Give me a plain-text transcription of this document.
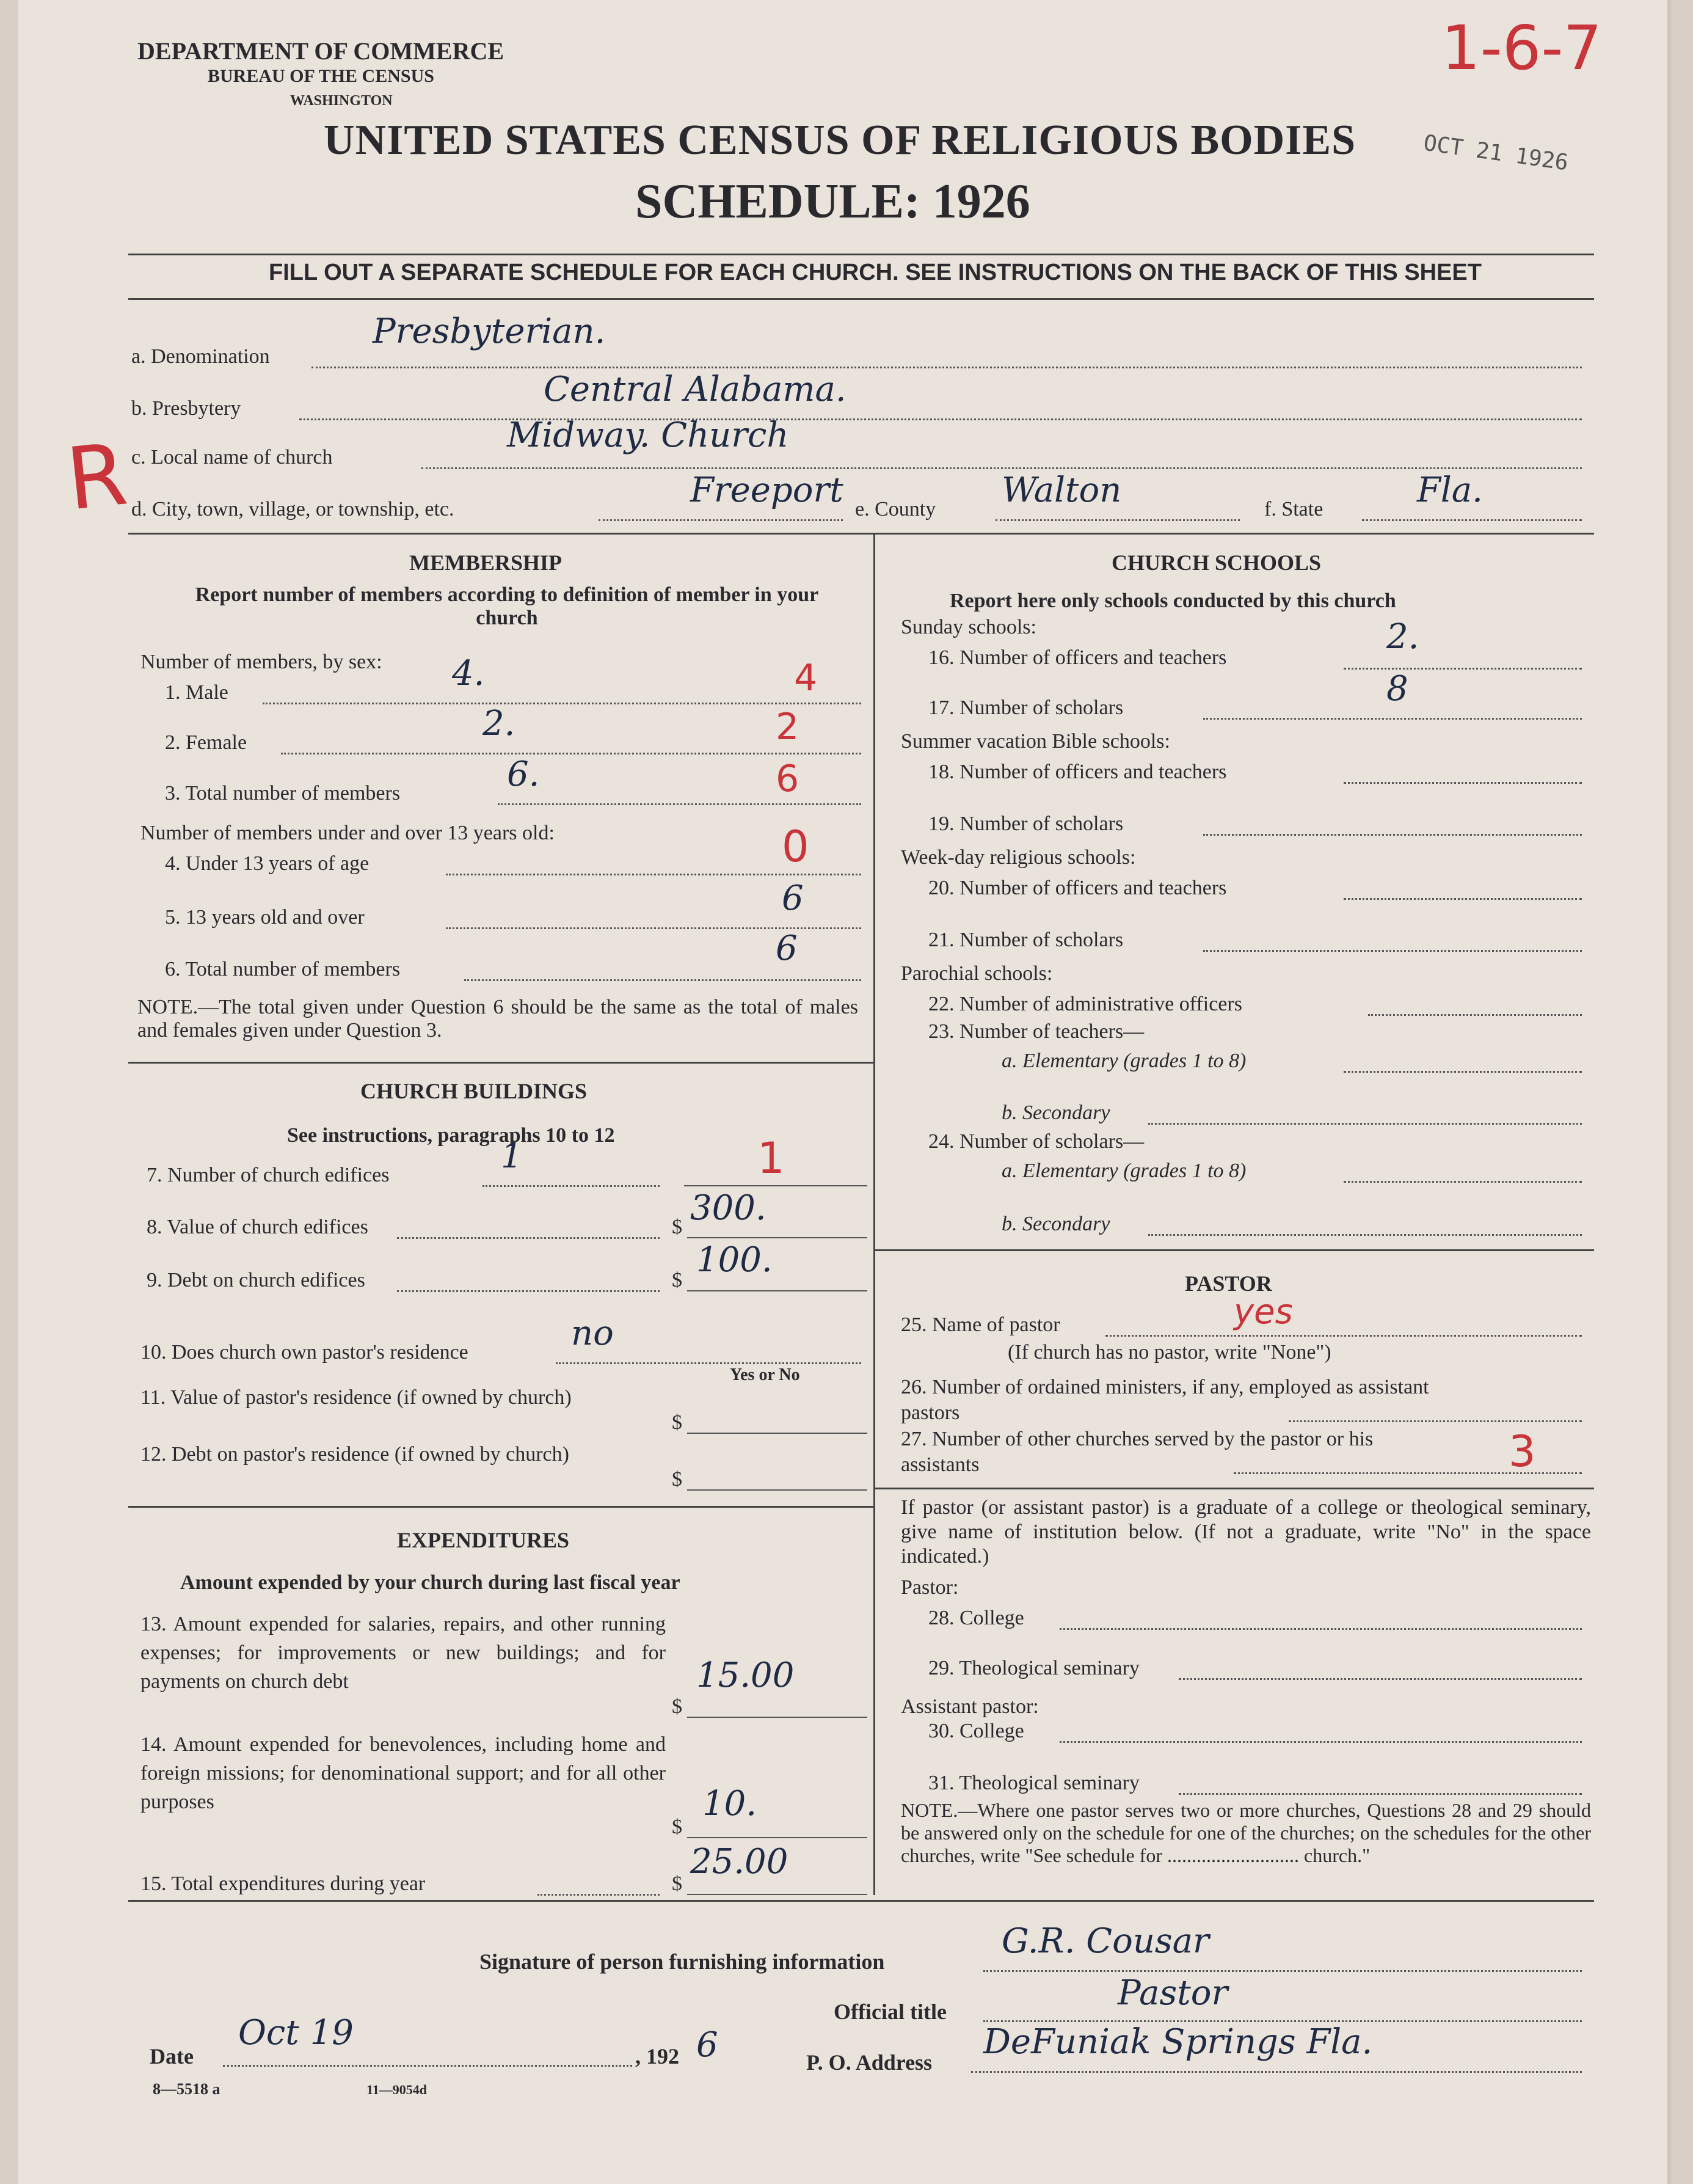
DEPARTMENT OF COMMERCE
BUREAU OF THE CENSUS
WASHINGTON
UNITED STATES CENSUS OF RELIGIOUS BODIES
SCHEDULE: 1926
OCT 21 1926
1-6-7
R
FILL OUT A SEPARATE SCHEDULE FOR EACH CHURCH. SEE INSTRUCTIONS ON THE BACK OF THIS SHEET
a. Denomination
Presbyterian.
b. Presbytery	Central Alabama.
c. Local name of church
Midway. Church
d. City, town, village, or township, etc.	Freeport e. County Walton	f. State	Fla.
MEMBERSHIP
Report number of members according to definition of member in your church
Number of members, by sex:
1. Male	4.	4
2. Female	2.	2
3. Total number of members	6.	6
Number of members under and over 13 years old:
4. Under 13 years of age	0
5. 13 years old and over	6
6. Total number of members
6
NOTE.—The total given under Question 6 should be the same as the total of males and females given under Question 3.
CHURCH BUILDINGS
See instructions, paragraphs 10 to 12
7. Number of church edifices	1	1
8. Value of church edifices	$ 300.
9. Debt on church edifices	$
100.
10. Does church own pastor's residence	no
Yes or No
11. Value of pastor's residence (if owned by church)
$
12. Debt on pastor's residence (if owned by church)
$
EXPENDITURES
Amount expended by your church during last fiscal year
13. Amount expended for salaries, repairs, and other running expenses; for improvements or new buildings; and for payments on church debt
$
15.00
14. Amount expended for benevolences, including home and foreign missions; for denominational support; and for all other purposes
$
10.
15. Total expenditures during year	$
25.00
CHURCH SCHOOLS
Report here only schools conducted by this church
Sunday schools:
16. Number of officers and teachers
2.
17. Number of scholars	8
Summer vacation Bible schools:
18. Number of officers and teachers
19. Number of scholars
Week-day religious schools:
20. Number of officers and teachers
21. Number of scholars
Parochial schools:
22. Number of administrative officers
23. Number of teachers—
a. Elementary (grades 1 to 8)
b. Secondary
24. Number of scholars—
a. Elementary (grades 1 to 8)
b. Secondary
PASTOR
25. Name of pastor	yes
(If church has no pastor, write "None")
26. Number of ordained ministers, if any, employed as assistant pastors
27. Number of other churches served by the pastor or his assistants	3
If pastor (or assistant pastor) is a graduate of a college or theological seminary, give name of institution below. (If not a graduate, write "No" in the space indicated.)
Pastor:
28. College
29. Theological seminary
Assistant pastor:
30. College
31. Theological seminary
NOTE.—Where one pastor serves two or more churches, Questions 28 and 29 should be answered only on the schedule for one of the churches; on the schedules for the other churches, write "See schedule for ........................... church."
Signature of person furnishing information
G.R. Cousar
Official title	Pastor
Date
Oct 19
, 192 6	P. O. Address
DeFuniak Springs Fla.
8—5518 a	11—9054d
